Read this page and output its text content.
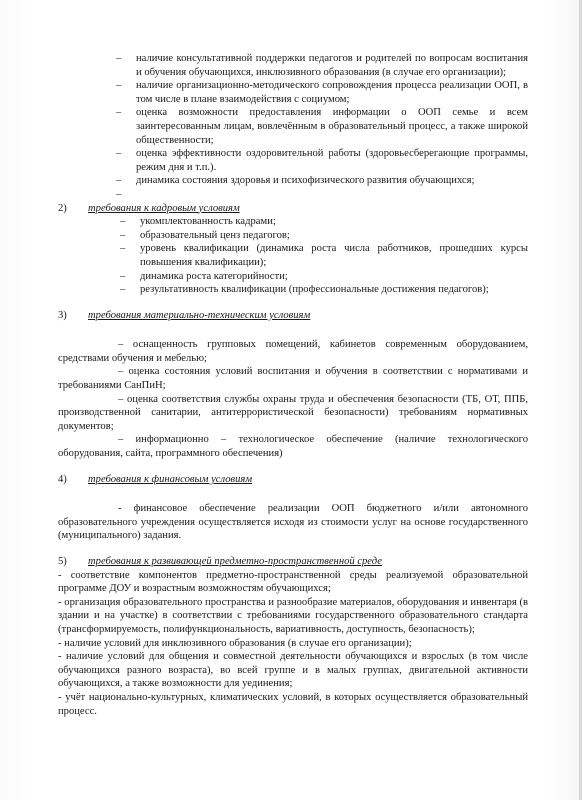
– наличие консультативной поддержки педагогов и родителей по вопросам воспитания и обучения обучающихся, инклюзивного образования (в случае его организации);

– наличие организационно-методического сопровождения процесса реализации ООП, в том числе в плане взаимодействия с социумом;

– оценка возможности предоставления информации о ООП семье и всем заинтересованным лицам, вовлечённым в образовательный процесс, а также широкой общественности;

– оценка эффективности оздоровительной работы (здоровьесберегающие программы, режим дня и т.п.).

– динамика состояния здоровья и психофизического развития обучающихся;

–

2) требования к кадровым условиям

– укомплектованность кадрами;

– образовательный ценз педагогов;

– уровень квалификации (динамика роста числа работников, прошедших курсы повышения квалификации);

– динамика роста категорийности;

– результативность квалификации (профессиональные достижения педагогов);

3) требования материально-техническим условиям

– оснащенность групповых помещений, кабинетов современным оборудованием, средствами обучения и мебелью;

– оценка состояния условий воспитания и обучения в соответствии с нормативами и требованиями СанПиН;

– оценка соответствия службы охраны труда и обеспечения безопасности (ТБ, ОТ, ППБ, производственной санитарии, антитеррористической безопасности) требованиям нормативных документов;

– информационно – технологическое обеспечение (наличие технологического оборудования, сайта, программного обеспечения)

4) требования к финансовым условиям

- финансовое обеспечение реализации ООП бюджетного и/или автономного образовательного учреждения осуществляется исходя из стоимости услуг на основе государственного (муниципального) задания.

5) требования к развивающей предметно-пространственной среде

- соответствие компонентов предметно-пространственной среды реализуемой образовательной программе ДОУ и возрастным возможностям обучающихся;

- организация образовательного пространства и разнообразие материалов, оборудования и инвентаря (в здании и на участке) в соответствии с требованиями государственного образовательного стандарта (трансформируемость, полифункциональность, вариативность, доступность, безопасность);

- наличие условий для инклюзивного образования (в случае его организации);

- наличие условий для общения и совместной деятельности обучающихся и взрослых (в том числе обучающихся разного возраста), во всей группе и в малых группах, двигательной активности обучающихся, а также возможности для уединения;

- учёт национально-культурных, климатических условий, в которых осуществляется образовательный процесс.
